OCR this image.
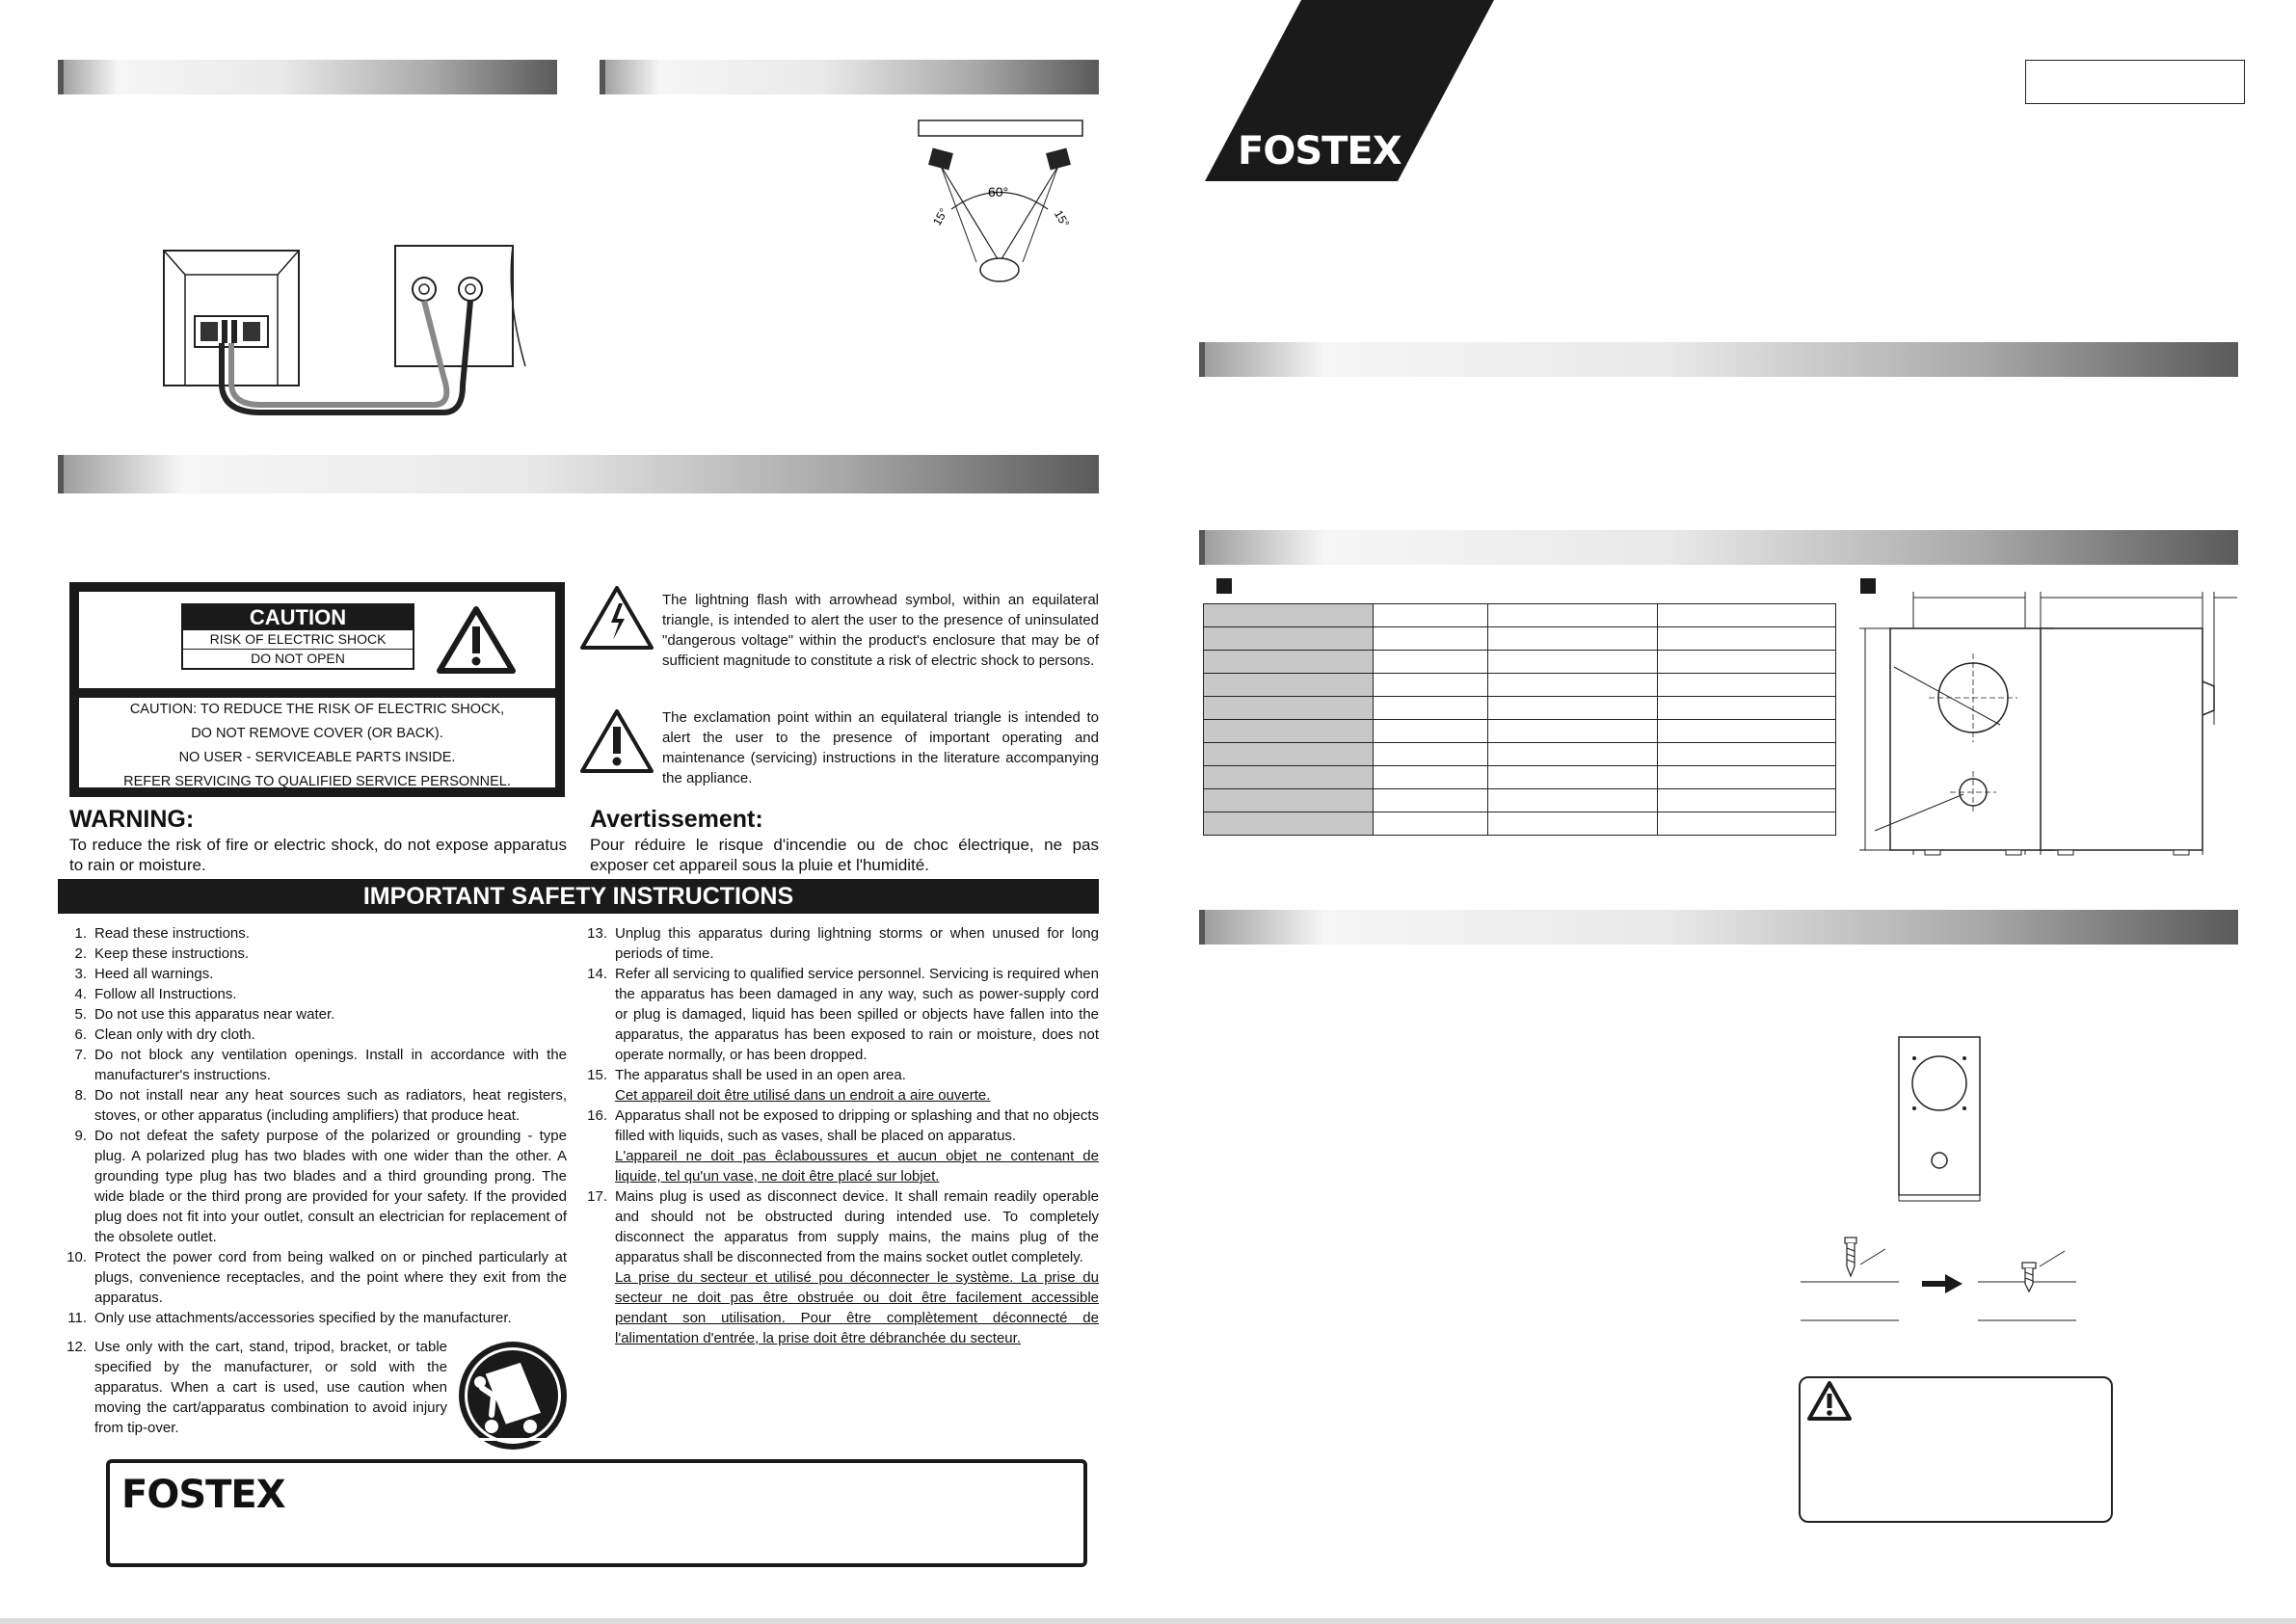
60°
15°	15°
CAUTION
RISK OF ELECTRIC SHOCK
DO NOT OPEN
CAUTION: TO REDUCE THE RISK OF ELECTRIC SHOCK,
DO NOT REMOVE COVER (OR BACK).
NO USER - SERVICEABLE PARTS INSIDE.
REFER SERVICING TO QUALIFIED SERVICE PERSONNEL.
The lightning flash with arrowhead symbol, within an equilateral triangle, is intended to alert the user to the presence of uninsulated "dangerous voltage" within the product's enclosure that may be of sufficient magnitude to constitute a risk of electric shock to persons.
The exclamation point within an equilateral triangle is intended to alert the user to the presence of important operating and maintenance (servicing) instructions in the literature accompanying the appliance.
WARNING:
To reduce the risk of fire or electric shock, do not expose apparatus to rain or moisture.
Avertissement:
Pour réduire le risque d'incendie ou de choc électrique, ne pas exposer cet appareil sous la pluie et l'humidité.
IMPORTANT SAFETY INSTRUCTIONS
1. Read these instructions.
2. Keep these instructions.
3. Heed all warnings.
4. Follow all Instructions.
5. Do not use this apparatus near water.
6. Clean only with dry cloth.
7. Do not block any ventilation openings. Install in accordance with the manufacturer's instructions.
8. Do not install near any heat sources such as radiators, heat registers, stoves, or other apparatus (including amplifiers) that produce heat.
9. Do not defeat the safety purpose of the polarized or grounding - type plug. A polarized plug has two blades with one wider than the other. A grounding type plug has two blades and a third grounding prong. The wide blade or the third prong are provided for your safety. If the provided plug does not fit into your outlet, consult an electrician for replacement of the obsolete outlet.
10. Protect the power cord from being walked on or pinched particularly at plugs, convenience receptacles, and the point where they exit from the apparatus.
11. Only use attachments/accessories specified by the manufacturer.
12. Use only with the cart, stand, tripod, bracket, or table specified by the manufacturer, or sold with the apparatus. When a cart is used, use caution when moving the cart/apparatus combination to avoid injury from tip-over.
13. Unplug this apparatus during lightning storms or when unused for long periods of time.
14. Refer all servicing to qualified service personnel. Servicing is required when the apparatus has been damaged in any way, such as power-supply cord or plug is damaged, liquid has been spilled or objects have fallen into the apparatus, the apparatus has been exposed to rain or moisture, does not operate normally, or has been dropped.
15. The apparatus shall be used in an open area.
Cet appareil doit être utilisé dans un endroit a aire ouverte.
16. Apparatus shall not be exposed to dripping or splashing and that no objects filled with liquids, such as vases, shall be placed on apparatus.
L'appareil ne doit pas êclaboussures et aucun objet ne contenant de liquide, tel qu'un vase, ne doit être placé sur lobjet.
17. Mains plug is used as disconnect device. It shall remain readily operable and should not be obstructed during intended use. To completely disconnect the apparatus from supply mains, the mains plug of the apparatus shall be disconnected from the mains socket outlet completely.
La prise du secteur et utilisé pou déconnecter le système. La prise du secteur ne doit pas être obstruée ou doit être facilement accessible pendant son utilisation. Pour être complètement déconnecté de l'alimentation d'entrée, la prise doit être débranchée du secteur.
FOSTEX
FOSTEX
